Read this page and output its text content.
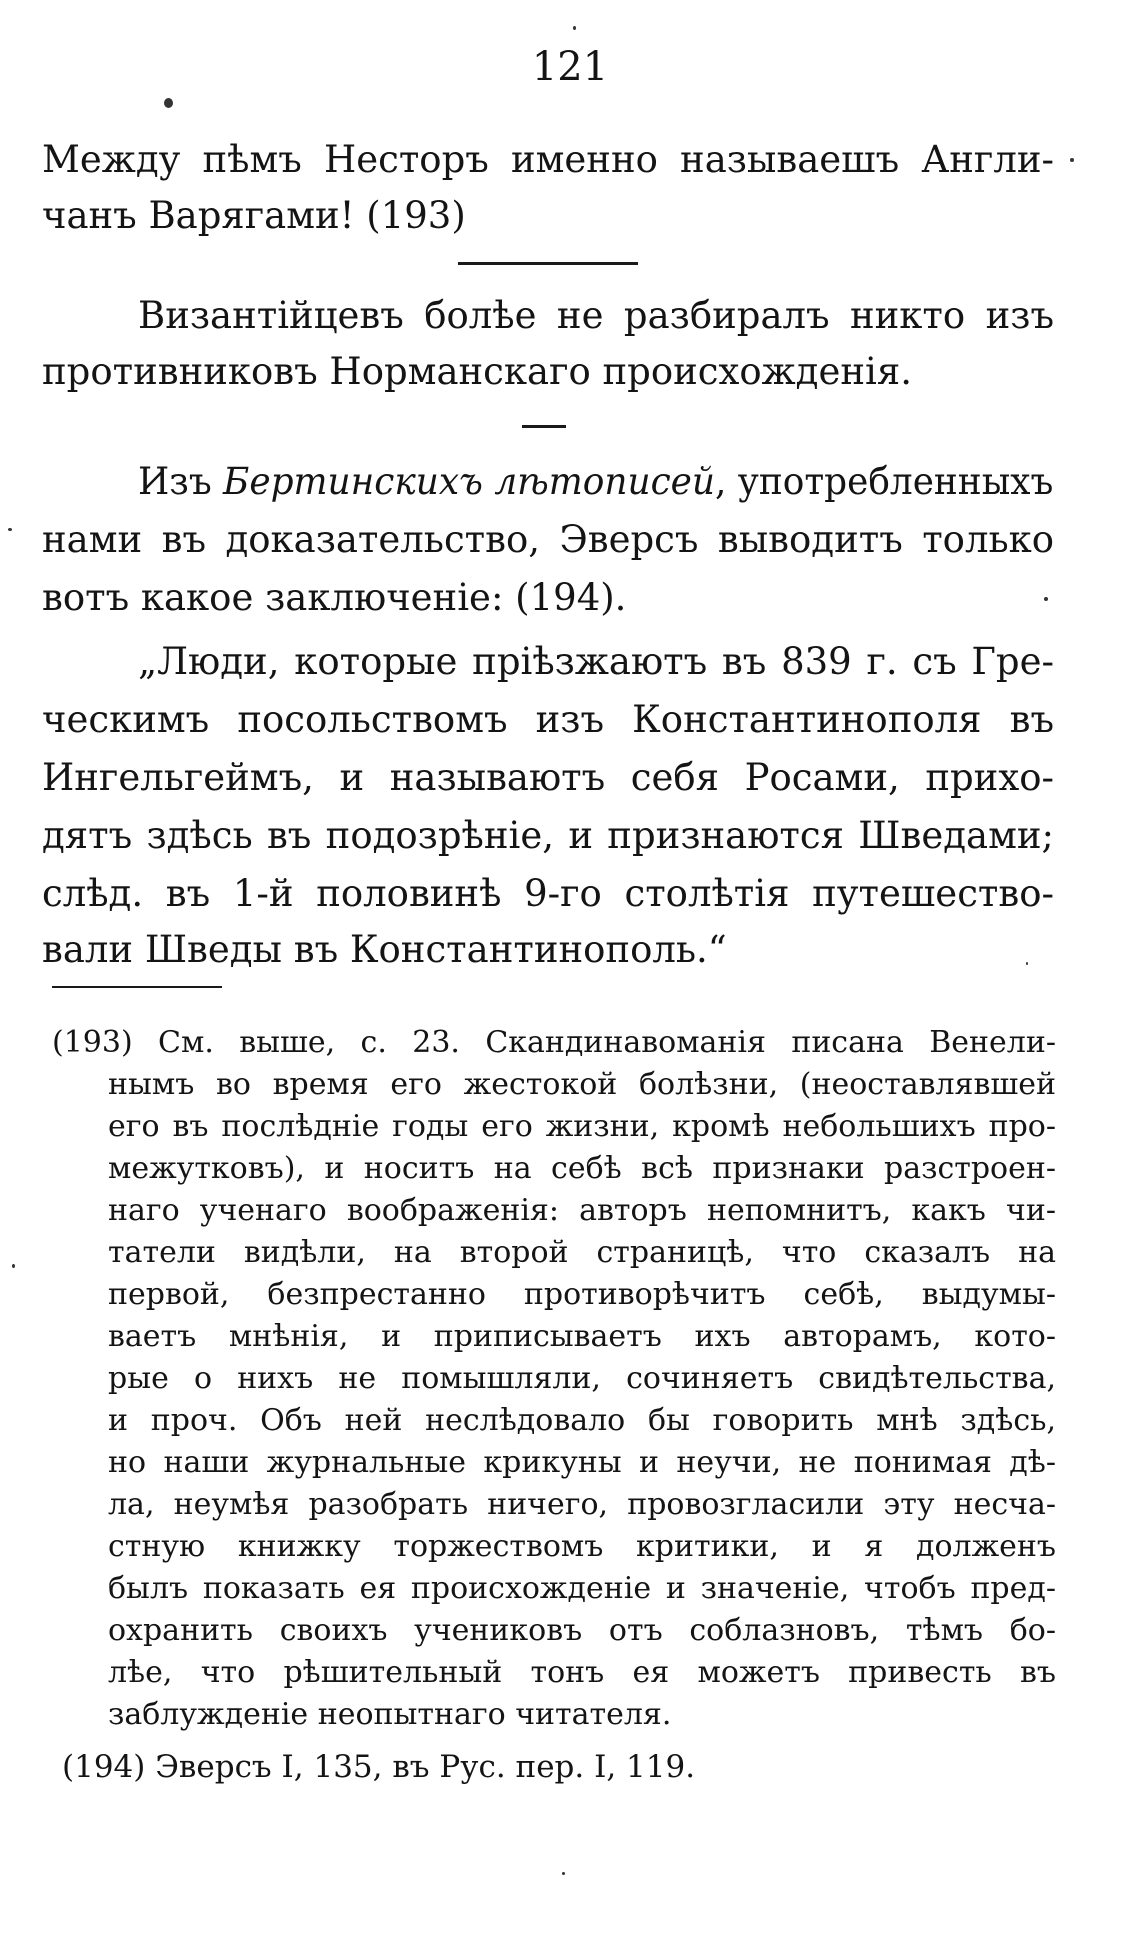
121
Между пѣмъ Несторъ именно называешъ Англи-
чанъ Варягами! (193)
Византійцевъ болѣе не разбиралъ никто изъ
противниковъ Норманскаго происхожденія.
Изъ Бертинскихъ лѣтописей, употребленныхъ
нами въ доказательство, Эверсъ выводитъ только
вотъ какое заключеніе: (194).
„Люди, которые пріѣзжаютъ въ 839 г. съ Гре-
ческимъ посольствомъ изъ Константинополя въ
Ингельгеймъ, и называютъ себя Росами, прихо-
дятъ здѣсь въ подозрѣніе, и признаются Шведами;
слѣд. въ 1-й половинѣ 9-го столѣтія путешество-
вали Шведы въ Константинополь.“
(193) См. выше, с. 23. Скандинавоманія писана Венели-
нымъ во время его жестокой болѣзни, (неоставлявшей
его въ послѣдніе годы его жизни, кромѣ небольшихъ про-
межутковъ), и носитъ на себѣ всѣ признаки разстроен-
наго ученаго воображенія: авторъ непомнитъ, какъ чи-
татели видѣли, на второй страницѣ, что сказалъ на
первой, безпрестанно противорѣчитъ себѣ, выдумы-
ваетъ мнѣнія, и приписываетъ ихъ авторамъ, кото-
рые о нихъ не помышляли, сочиняетъ свидѣтельства,
и проч. Объ ней неслѣдовало бы говорить мнѣ здѣсь,
но наши журнальные крикуны и неучи, не понимая дѣ-
ла, неумѣя разобрать ничего, провозгласили эту несча-
стную книжку торжествомъ критики, и я долженъ
былъ показать ея происхожденіе и значеніе, чтобъ пред-
охранить своихъ учениковъ отъ соблазновъ, тѣмъ бо-
лѣе, что рѣшительный тонъ ея можетъ привесть въ
заблужденіе неопытнаго читателя.
(194) Эверсъ I, 135, въ Рус. пер. I, 119.
